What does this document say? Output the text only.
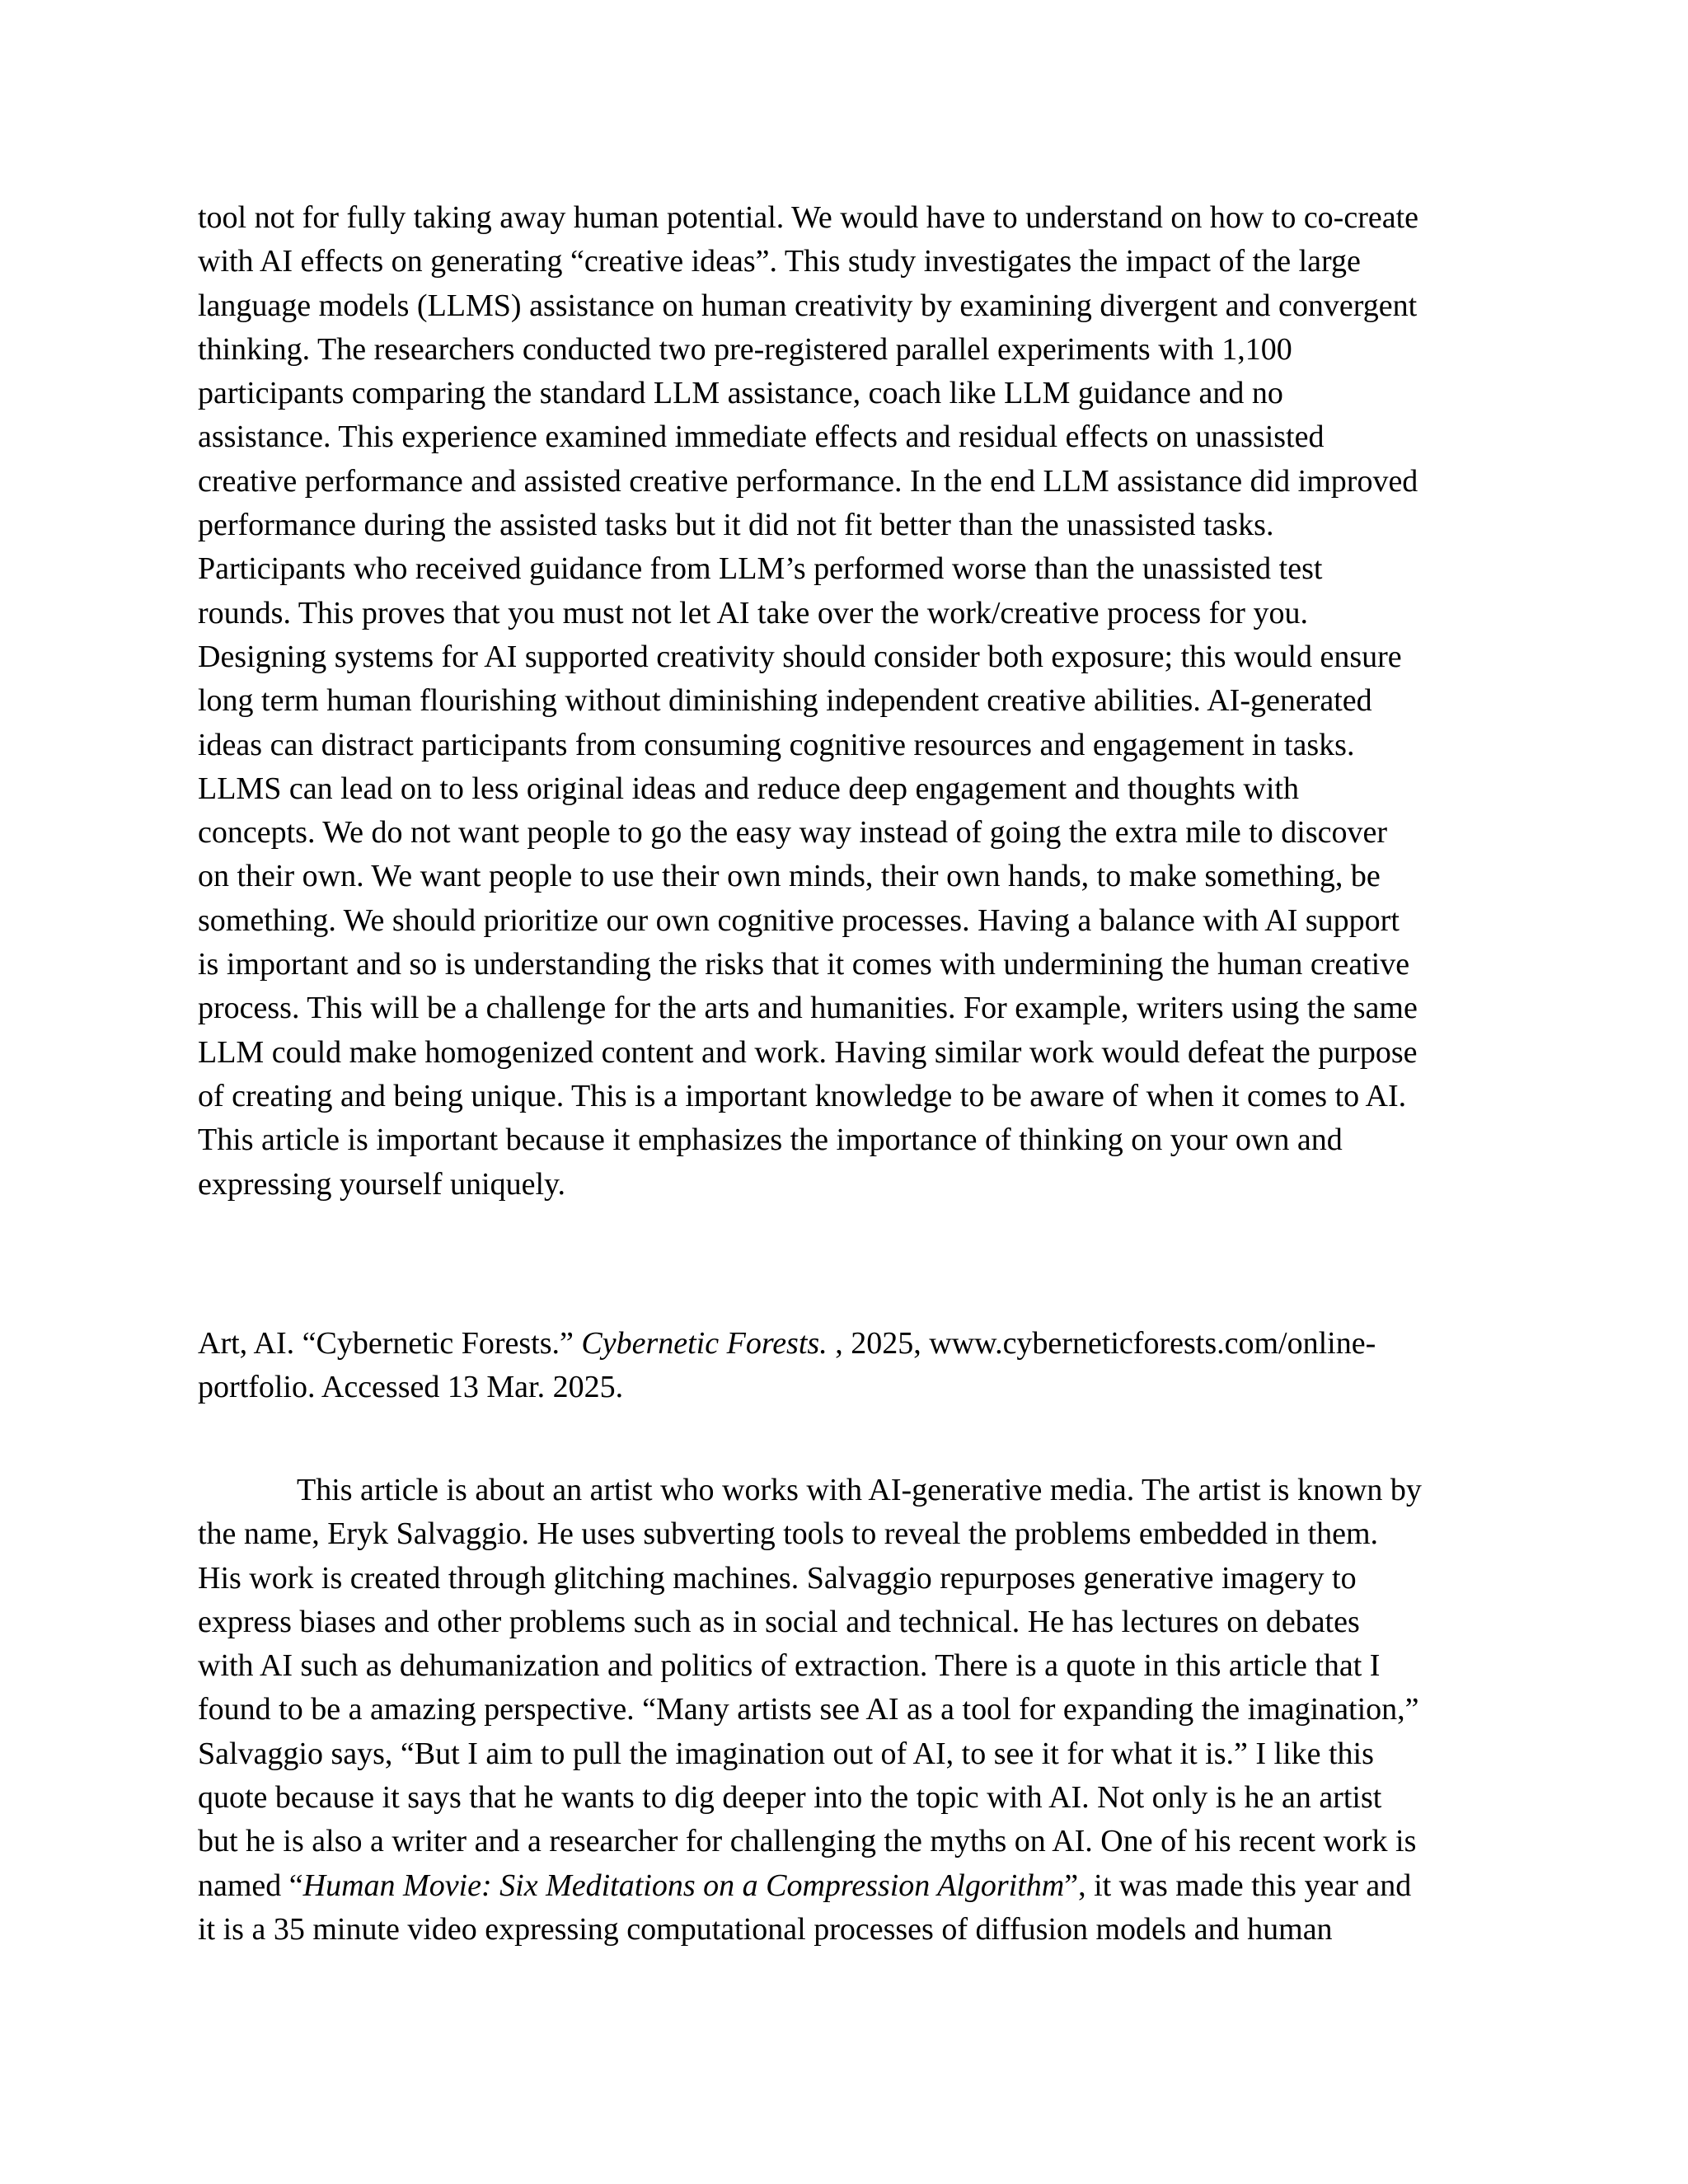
tool not for fully taking away human potential. We would have to understand on how to co-create
with AI effects on generating “creative ideas”. This study investigates the impact of the large
language models (LLMS) assistance on human creativity by examining divergent and convergent
thinking. The researchers conducted two pre-registered parallel experiments with 1,100
participants comparing the standard LLM assistance, coach like LLM guidance and no
assistance. This experience examined immediate effects and residual effects on unassisted
creative performance and assisted creative performance. In the end LLM assistance did improved
performance during the assisted tasks but it did not fit better than the unassisted tasks.
Participants who received guidance from LLM’s performed worse than the unassisted test
rounds. This proves that you must not let AI take over the work/creative process for you.
Designing systems for AI supported creativity should consider both exposure; this would ensure
long term human flourishing without diminishing independent creative abilities. AI-generated
ideas can distract participants from consuming cognitive resources and engagement in tasks.
LLMS can lead on to less original ideas and reduce deep engagement and thoughts with
concepts. We do not want people to go the easy way instead of going the extra mile to discover
on their own. We want people to use their own minds, their own hands, to make something, be
something. We should prioritize our own cognitive processes. Having a balance with AI support
is important and so is understanding the risks that it comes with undermining the human creative
process. This will be a challenge for the arts and humanities. For example, writers using the same
LLM could make homogenized content and work. Having similar work would defeat the purpose
of creating and being unique. This is a important knowledge to be aware of when it comes to AI.
This article is important because it emphasizes the importance of thinking on your own and
expressing yourself uniquely.
Art, AI. “Cybernetic Forests.” Cybernetic Forests. , 2025, www.cyberneticforests.com/online-
portfolio. Accessed 13 Mar. 2025.
This article is about an artist who works with AI-generative media. The artist is known by
the name, Eryk Salvaggio. He uses subverting tools to reveal the problems embedded in them.
His work is created through glitching machines. Salvaggio repurposes generative imagery to
express biases and other problems such as in social and technical. He has lectures on debates
with AI such as dehumanization and politics of extraction. There is a quote in this article that I
found to be a amazing perspective. “Many artists see AI as a tool for expanding the imagination,”
Salvaggio says, “But I aim to pull the imagination out of AI, to see it for what it is.” I like this
quote because it says that he wants to dig deeper into the topic with AI. Not only is he an artist
but he is also a writer and a researcher for challenging the myths on AI. One of his recent work is
named “Human Movie: Six Meditations on a Compression Algorithm”, it was made this year and
it is a 35 minute video expressing computational processes of diffusion models and human
